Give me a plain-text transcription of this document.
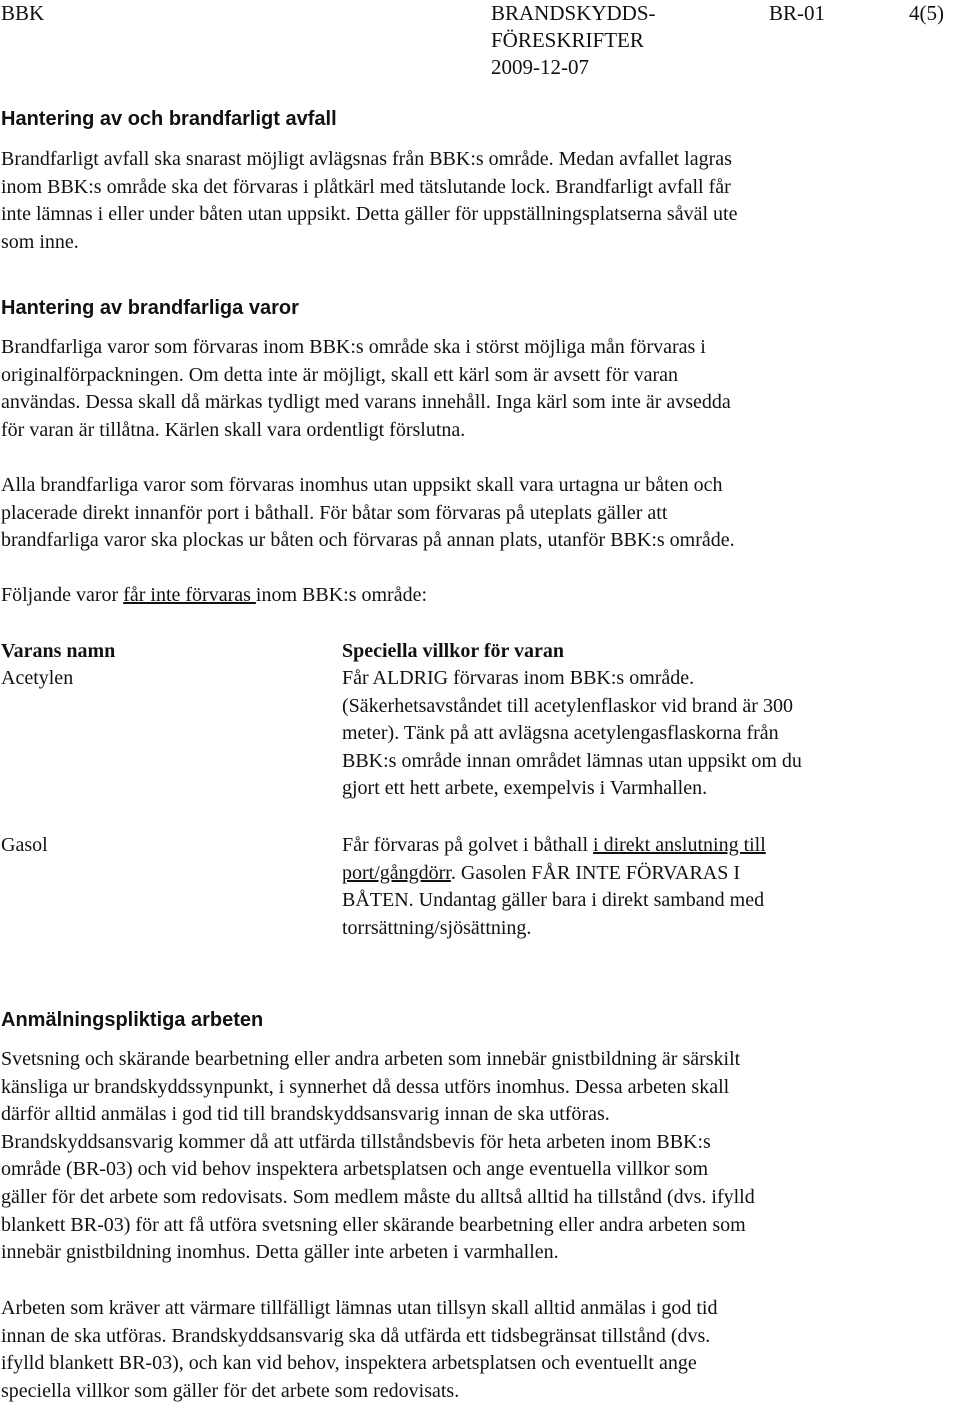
BBK	BRANDSKYDDS-
FÖRESKRIFTER
2009-12-07
BR-01	4(5)
Hantering av och brandfarligt avfall
Brandfarligt avfall ska snarast möjligt avlägsnas från BBK:s område. Medan avfallet lagras
inom BBK:s område ska det förvaras i plåtkärl med tätslutande lock. Brandfarligt avfall får
inte lämnas i eller under båten utan uppsikt. Detta gäller för uppställningsplatserna såväl ute
som inne.
Hantering av brandfarliga varor
Brandfarliga varor som förvaras inom BBK:s område ska i störst möjliga mån förvaras i
originalförpackningen. Om detta inte är möjligt, skall ett kärl som är avsett för varan
användas. Dessa skall då märkas tydligt med varans innehåll. Inga kärl som inte är avsedda
för varan är tillåtna. Kärlen skall vara ordentligt förslutna.
Alla brandfarliga varor som förvaras inomhus utan uppsikt skall vara urtagna ur båten och
placerade direkt innanför port i båthall. För båtar som förvaras på uteplats gäller att
brandfarliga varor ska plockas ur båten och förvaras på annan plats, utanför BBK:s område.
Följande varor får inte förvaras inom BBK:s område:
Varans namn	Speciella villkor för varan
Acetylen	Får ALDRIG förvaras inom BBK:s område.
(Säkerhetsavståndet till acetylenflaskor vid brand är 300
meter). Tänk på att avlägsna acetylengasflaskorna från
BBK:s område innan området lämnas utan uppsikt om du
gjort ett hett arbete, exempelvis i Varmhallen.
Gasol	Får förvaras på golvet i båthall i direkt anslutning till
port/gångdörr. Gasolen FÅR INTE FÖRVARAS I
BÅTEN. Undantag gäller bara i direkt samband med
torrsättning/sjösättning.
Anmälningspliktiga arbeten
Svetsning och skärande bearbetning eller andra arbeten som innebär gnistbildning är särskilt
känsliga ur brandskyddssynpunkt, i synnerhet då dessa utförs inomhus. Dessa arbeten skall
därför alltid anmälas i god tid till brandskyddsansvarig innan de ska utföras.
Brandskyddsansvarig kommer då att utfärda tillståndsbevis för heta arbeten inom BBK:s
område (BR-03) och vid behov inspektera arbetsplatsen och ange eventuella villkor som
gäller för det arbete som redovisats. Som medlem måste du alltså alltid ha tillstånd (dvs. ifylld
blankett BR-03) för att få utföra svetsning eller skärande bearbetning eller andra arbeten som
innebär gnistbildning inomhus. Detta gäller inte arbeten i varmhallen.
Arbeten som kräver att värmare tillfälligt lämnas utan tillsyn skall alltid anmälas i god tid
innan de ska utföras. Brandskyddsansvarig ska då utfärda ett tidsbegränsat tillstånd (dvs.
ifylld blankett BR-03), och kan vid behov, inspektera arbetsplatsen och eventuellt ange
speciella villkor som gäller för det arbete som redovisats.
